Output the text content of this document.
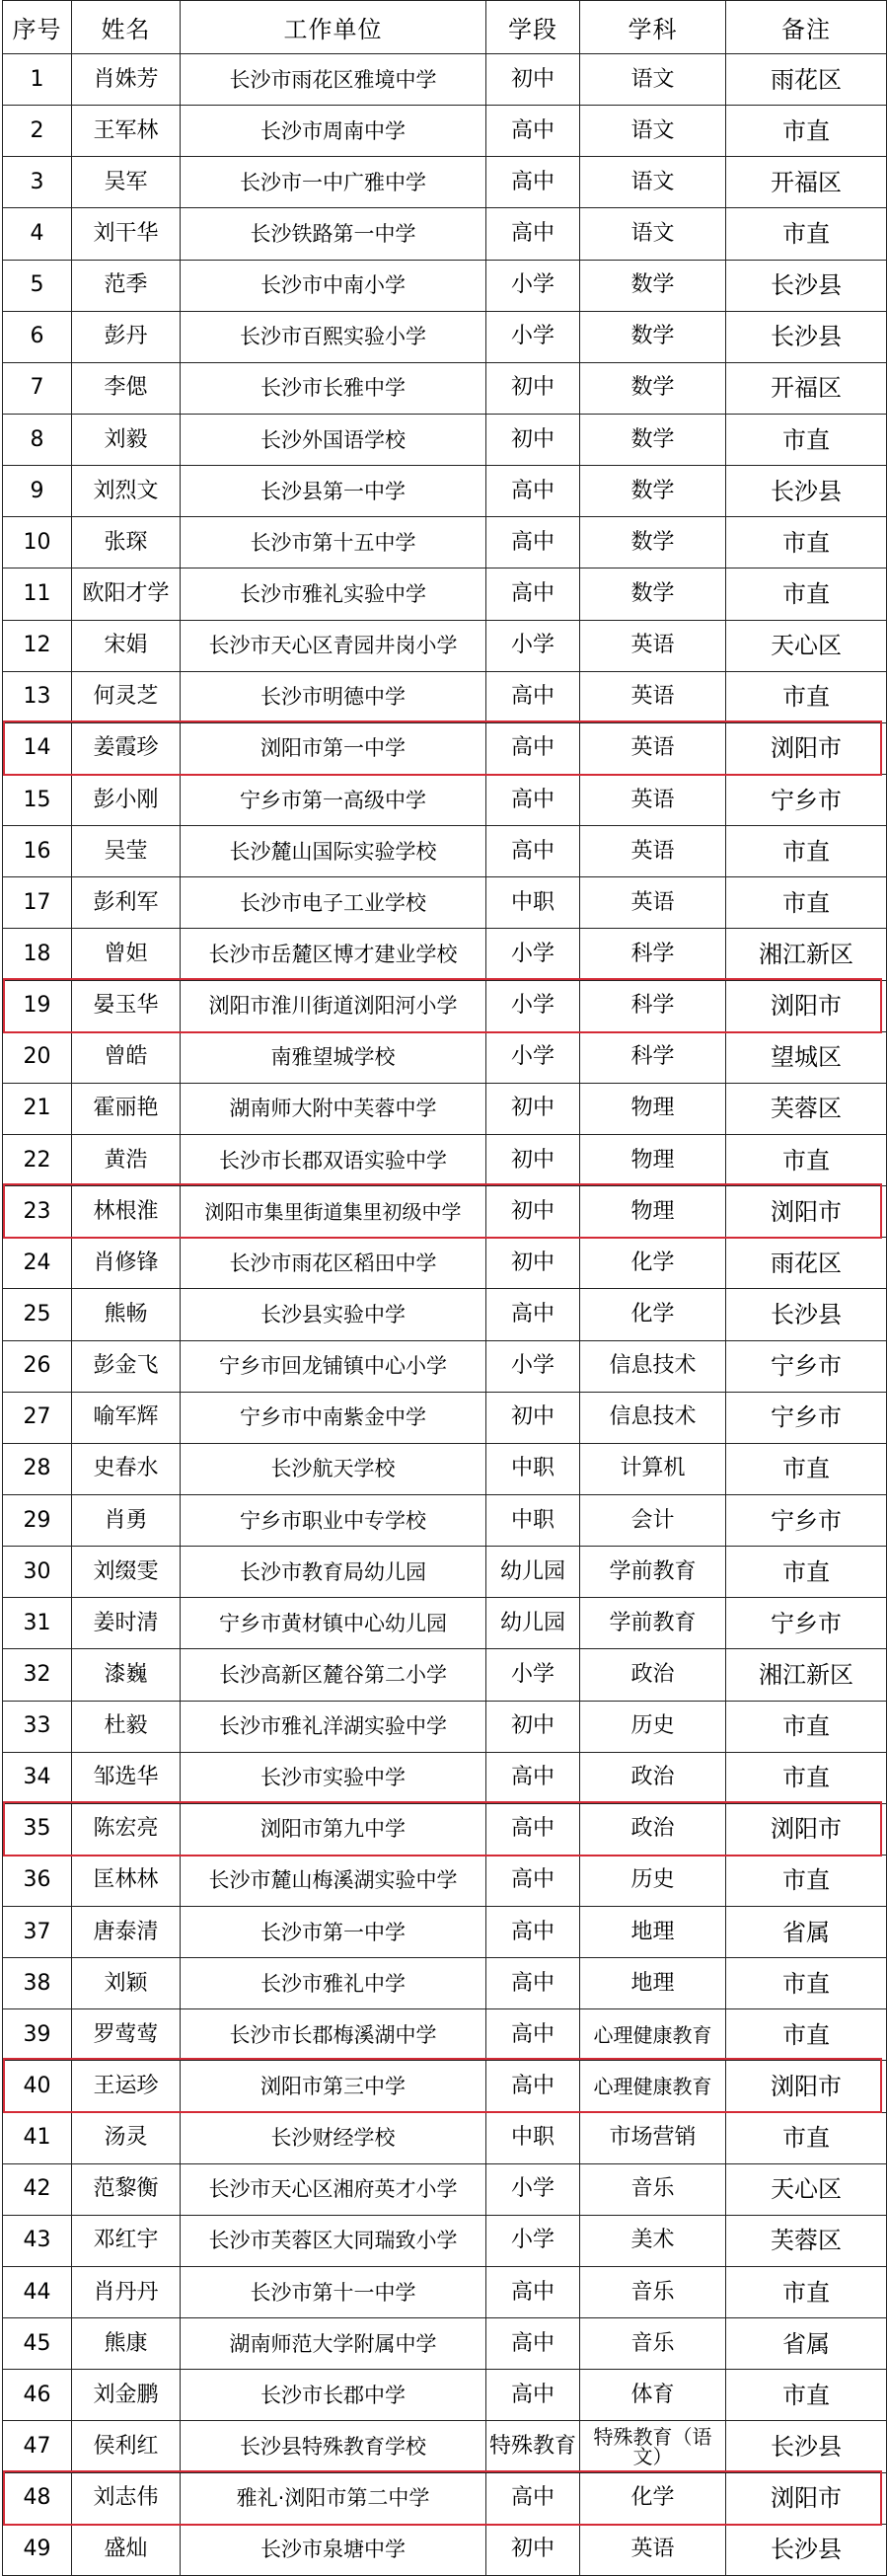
序号	姓名	工作单位	学段	学科	备注
1	肖姝芳	长沙市雨花区雅境中学	初中	语文	雨花区
2	王军林	长沙市周南中学	高中	语文	市直
3	吴军	长沙市一中广雅中学	高中	语文	开福区
4	刘干华	长沙铁路第一中学	高中	语文	市直
5	范季	长沙市中南小学	小学	数学	长沙县
6	彭丹	长沙市百熙实验小学	小学	数学	长沙县
7	李偲	长沙市长雅中学	初中	数学	开福区
8	刘毅	长沙外国语学校	初中	数学	市直
9	刘烈文	长沙县第一中学	高中	数学	长沙县
10	张琛	长沙市第十五中学	高中	数学	市直
11	欧阳才学	长沙市雅礼实验中学	高中	数学	市直
12	宋娟	长沙市天心区青园井岗小学	小学	英语	天心区
13	何灵芝	长沙市明德中学	高中	英语	市直
14	姜霞珍	浏阳市第一中学	高中	英语	浏阳市
15	彭小刚	宁乡市第一高级中学	高中	英语	宁乡市
16	吴莹	长沙麓山国际实验学校	高中	英语	市直
17	彭利军	长沙市电子工业学校	中职	英语	市直
18	曾妲	长沙市岳麓区博才建业学校	小学	科学	湘江新区
19	晏玉华	浏阳市淮川街道浏阳河小学	小学	科学	浏阳市
20	曾皓	南雅望城学校	小学	科学	望城区
21	霍丽艳	湖南师大附中芙蓉中学	初中	物理	芙蓉区
22	黄浩	长沙市长郡双语实验中学	初中	物理	市直
23	林根淮	浏阳市集里街道集里初级中学	初中	物理	浏阳市
24	肖修锋	长沙市雨花区稻田中学	初中	化学	雨花区
25	熊畅	长沙县实验中学	高中	化学	长沙县
26	彭金飞	宁乡市回龙铺镇中心小学	小学	信息技术	宁乡市
27	喻军辉	宁乡市中南紫金中学	初中	信息技术	宁乡市
28	史春水	长沙航天学校	中职	计算机	市直
29	肖勇	宁乡市职业中专学校	中职	会计	宁乡市
30	刘缀雯	长沙市教育局幼儿园	幼儿园	学前教育	市直
31	姜时清	宁乡市黄材镇中心幼儿园	幼儿园	学前教育	宁乡市
32	漆巍	长沙高新区麓谷第二小学	小学	政治	湘江新区
33	杜毅	长沙市雅礼洋湖实验中学	初中	历史	市直
34	邹选华	长沙市实验中学	高中	政治	市直
35	陈宏亮	浏阳市第九中学	高中	政治	浏阳市
36	匡林林	长沙市麓山梅溪湖实验中学	高中	历史	市直
37	唐泰清	长沙市第一中学	高中	地理	省属
38	刘颖	长沙市雅礼中学	高中	地理	市直
39	罗莺莺	长沙市长郡梅溪湖中学	高中	心理健康教育	市直
40	王运珍	浏阳市第三中学	高中	心理健康教育	浏阳市
41	汤灵	长沙财经学校	中职	市场营销	市直
42	范黎衡	长沙市天心区湘府英才小学	小学	音乐	天心区
43	邓红宇	长沙市芙蓉区大同瑞致小学	小学	美术	芙蓉区
44	肖丹丹	长沙市第十一中学	高中	音乐	市直
45	熊康	湖南师范大学附属中学	高中	音乐	省属
46	刘金鹏	长沙市长郡中学	高中	体育	市直
47	侯利红	长沙县特殊教育学校	特殊教育	特殊教育（语文）	长沙县
48	刘志伟	雅礼·浏阳市第二中学	高中	化学	浏阳市
49	盛灿	长沙市泉塘中学	初中	英语	长沙县
